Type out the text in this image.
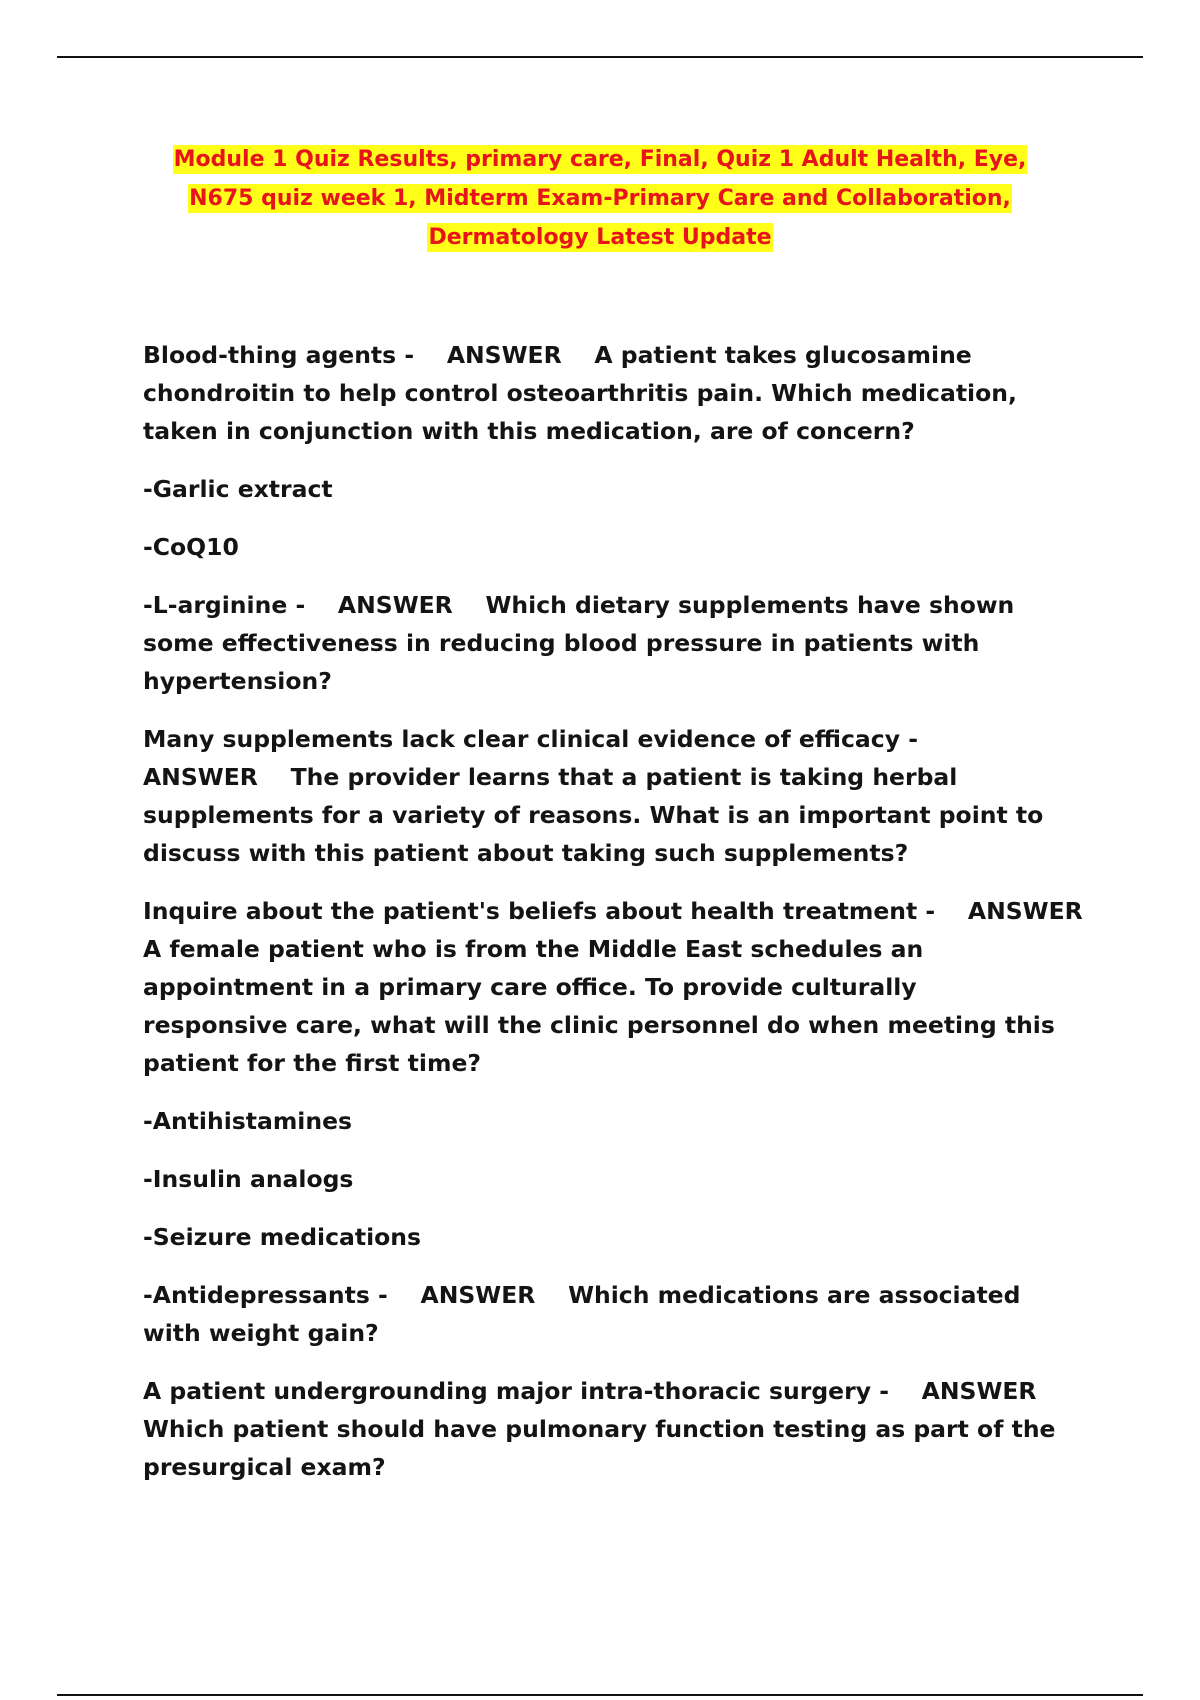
Module 1 Quiz Results, primary care, Final, Quiz 1 Adult Health, Eye,
N675 quiz week 1, Midterm Exam-Primary Care and Collaboration,
Dermatology Latest Update

Blood-thing agents -    ANSWER    A patient takes glucosamine
chondroitin to help control osteoarthritis pain. Which medication,
taken in conjunction with this medication, are of concern?

-Garlic extract

-CoQ10

-L-arginine -    ANSWER    Which dietary supplements have shown
some effectiveness in reducing blood pressure in patients with
hypertension?

Many supplements lack clear clinical evidence of efficacy -
ANSWER    The provider learns that a patient is taking herbal
supplements for a variety of reasons. What is an important point to
discuss with this patient about taking such supplements?

Inquire about the patient's beliefs about health treatment -    ANSWER
A female patient who is from the Middle East schedules an
appointment in a primary care office. To provide culturally
responsive care, what will the clinic personnel do when meeting this
patient for the first time?

-Antihistamines

-Insulin analogs

-Seizure medications

-Antidepressants -    ANSWER    Which medications are associated
with weight gain?

A patient undergrounding major intra-thoracic surgery -    ANSWER
Which patient should have pulmonary function testing as part of the
presurgical exam?
